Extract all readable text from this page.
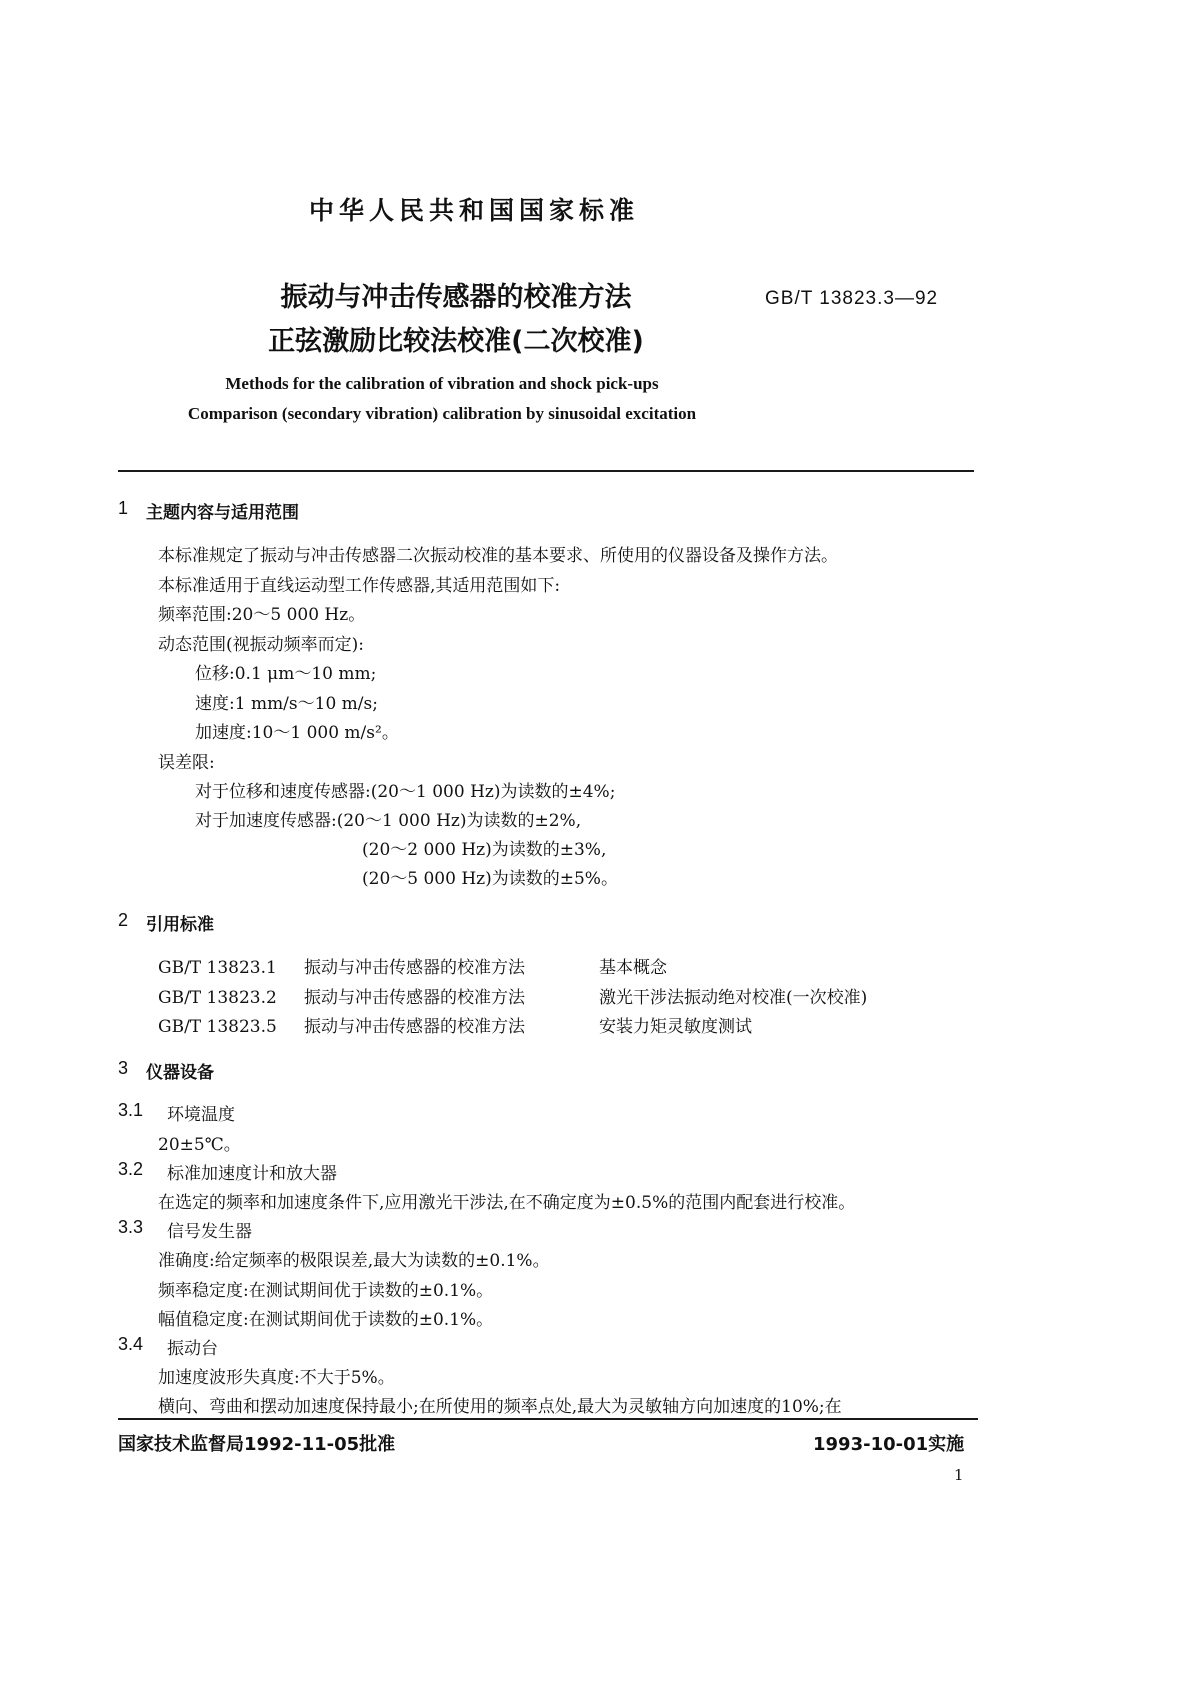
中华人民共和国国家标准
振动与冲击传感器的校准方法
正弦激励比较法校准(二次校准)
GB/T 13823.3—92
Methods for the calibration of vibration and shock pick-ups
Comparison (secondary vibration) calibration by sinusoidal excitation
1 主题内容与适用范围
本标准规定了振动与冲击传感器二次振动校准的基本要求、所使用的仪器设备及操作方法。
本标准适用于直线运动型工作传感器,其适用范围如下:
频率范围:20～5 000 Hz。
动态范围(视振动频率而定):
位移:0.1 μm～10 mm;
速度:1 mm/s～10 m/s;
加速度:10～1 000 m/s²。
误差限:
对于位移和速度传感器:(20～1 000 Hz)为读数的±4%;
对于加速度传感器:(20～1 000 Hz)为读数的±2%,
(20～2 000 Hz)为读数的±3%,
(20～5 000 Hz)为读数的±5%。
2 引用标准
GB/T 13823.1 振动与冲击传感器的校准方法	基本概念
GB/T 13823.2 振动与冲击传感器的校准方法	激光干涉法振动绝对校准(一次校准)
GB/T 13823.5 振动与冲击传感器的校准方法	安装力矩灵敏度测试
3 仪器设备
3.1 环境温度
20±5℃。
3.2 标准加速度计和放大器
在选定的频率和加速度条件下,应用激光干涉法,在不确定度为±0.5%的范围内配套进行校准。
3.3 信号发生器
准确度:给定频率的极限误差,最大为读数的±0.1%。
频率稳定度:在测试期间优于读数的±0.1%。
幅值稳定度:在测试期间优于读数的±0.1%。
3.4 振动台
加速度波形失真度:不大于5%。
横向、弯曲和摆动加速度保持最小;在所使用的频率点处,最大为灵敏轴方向加速度的10%;在
国家技术监督局1992-11-05批准	1993-10-01实施
1
